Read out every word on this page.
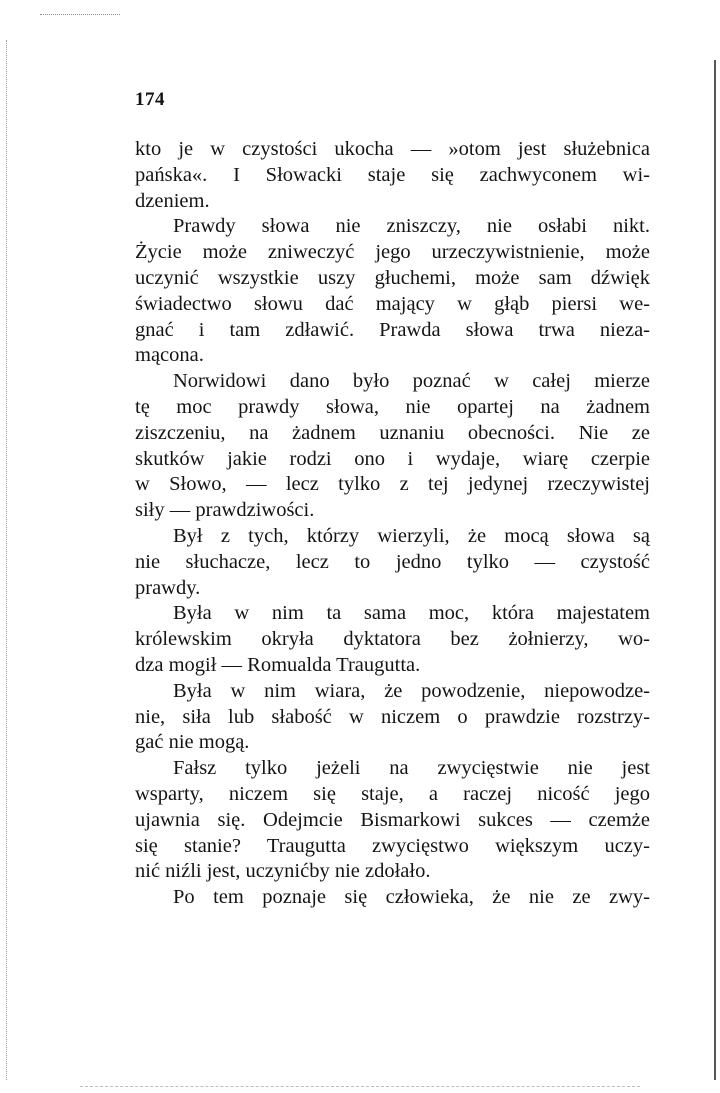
174
kto je w czystości ukocha — »otom jest służebnica
pańska«. I Słowacki staje się zachwyconem wi-
dzeniem.
Prawdy słowa nie zniszczy, nie osłabi nikt.
Życie może zniweczyć jego urzeczywistnienie, może
uczynić wszystkie uszy głuchemi, może sam dźwięk
świadectwo słowu dać mający w głąb piersi we-
gnać i tam zdławić. Prawda słowa trwa nieza-
mącona.
Norwidowi dano było poznać w całej mierze
tę moc prawdy słowa, nie opartej na żadnem
ziszczeniu, na żadnem uznaniu obecności. Nie ze
skutków jakie rodzi ono i wydaje, wiarę czerpie
w Słowo, — lecz tylko z tej jedynej rzeczywistej
siły — prawdziwości.
Był z tych, którzy wierzyli, że mocą słowa są
nie słuchacze, lecz to jedno tylko — czystość
prawdy.
Była w nim ta sama moc, która majestatem
królewskim okryła dyktatora bez żołnierzy, wo-
dza mogił — Romualda Traugutta.
Była w nim wiara, że powodzenie, niepowodze-
nie, siła lub słabość w niczem o prawdzie rozstrzy-
gać nie mogą.
Fałsz tylko jeżeli na zwycięstwie nie jest
wsparty, niczem się staje, a raczej nicość jego
ujawnia się. Odejmcie Bismarkowi sukces — czemże
się stanie? Traugutta zwycięstwo większym uczy-
nić niźli jest, uczynićby nie zdołało.
Po tem poznaje się człowieka, że nie ze zwy-
